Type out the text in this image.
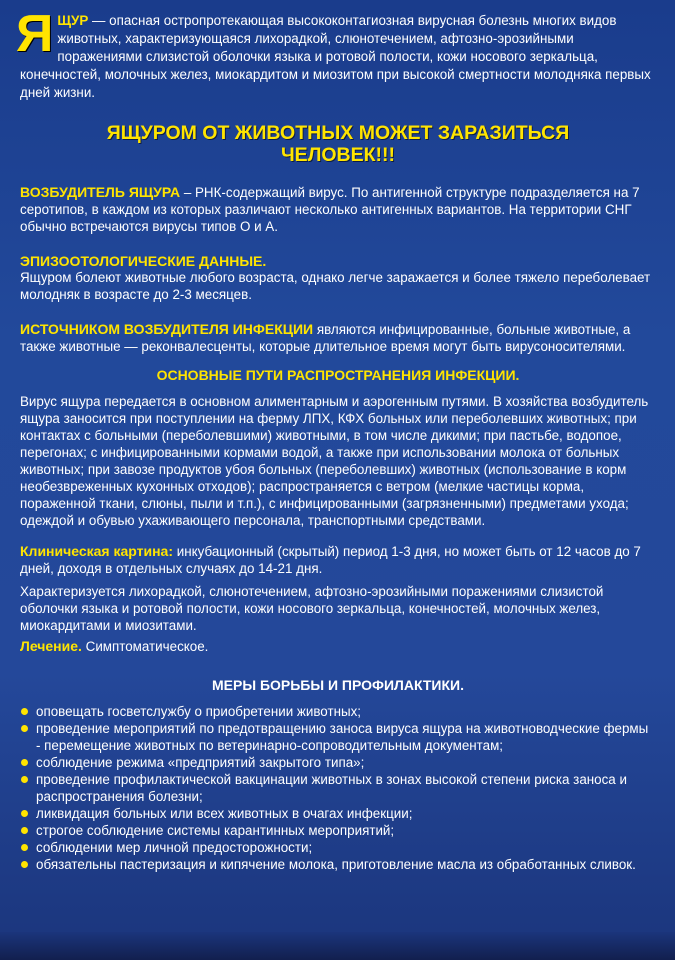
ЯЩУР — опасная остропротекающая высококонтагиозная вирусная болезнь многих видов животных, характеризующаяся лихорадкой, слюнотечением, афтозно-эрозийными поражениями слизистой оболочки языка и ротовой полости, кожи носового зеркальца, конечностей, молочных желез, миокардитом и миозитом при высокой смертности молодняка первых дней жизни.
ЯЩУРОМ ОТ ЖИВОТНЫХ МОЖЕТ ЗАРАЗИТЬСЯ
ЧЕЛОВЕК!!!

ВОЗБУДИТЕЛЬ ЯЩУРА – РНК-содержащий вирус. По антигенной структуре подразделяется на 7 серотипов, в каждом из которых различают несколько антигенных вариантов. На территории СНГ обычно встречаются вирусы типов О и А.

ЭПИЗООТОЛОГИЧЕСКИЕ ДАННЫЕ.

Ящуром болеют животные любого возраста, однако легче заражается и более тяжело переболевает молодняк в возрасте до 2-3 месяцев.

ИСТОЧНИКОМ ВОЗБУДИТЕЛЯ ИНФЕКЦИИ являются инфицированные, больные животные, а также животные — реконвалесценты, которые длительное время могут быть вирусоносителями.

ОСНОВНЫЕ ПУТИ РАСПРОСТРАНЕНИЯ ИНФЕКЦИИ.

Вирус ящура передается в основном алиментарным и аэрогенным путями. В хозяйства возбудитель ящура заносится при поступлении на ферму ЛПХ, КФХ больных или переболевших животных; при контактах с больными (переболевшими) животными, в том числе дикими; при пастьбе, водопое, перегонах; с инфицированными кормами водой, а также при использовании молока от больных животных; при завозе продуктов убоя больных (переболевших) животных (использование в корм необезвреженных кухонных отходов); распространяется с ветром (мелкие частицы корма, пораженной ткани, слюны, пыли и т.п.), с инфицированными (загрязненными) предметами ухода; одеждой и обувью ухаживающего персонала, транспортными средствами.

Клиническая картина: инкубационный (скрытый) период 1-3 дня, но может быть от 12 часов до 7 дней, доходя в отдельных случаях до 14-21 дня.

Характеризуется лихорадкой, слюнотечением, афтозно-эрозийными поражениями слизистой оболочки языка и ротовой полости, кожи носового зеркальца, конечностей, молочных желез, миокардитами и миозитами.

Лечение. Симптоматическое.

МЕРЫ БОРЬБЫ И ПРОФИЛАКТИКИ.
оповещать госветслужбу о приобретении животных;
проведение мероприятий по предотвращению заноса вируса ящура на животноводческие фермы - перемещение животных по ветеринарно-сопроводительным документам;
соблюдение режима «предприятий закрытого типа»;
проведение профилактической вакцинации животных в зонах высокой степени риска заноса и распространения болезни;
ликвидация больных или всех животных в очагах инфекции;
строгое соблюдение системы карантинных мероприятий;
соблюдении мер личной предосторожности;
обязательны пастеризация и кипячение молока, приготовление масла из обработанных сливок.
